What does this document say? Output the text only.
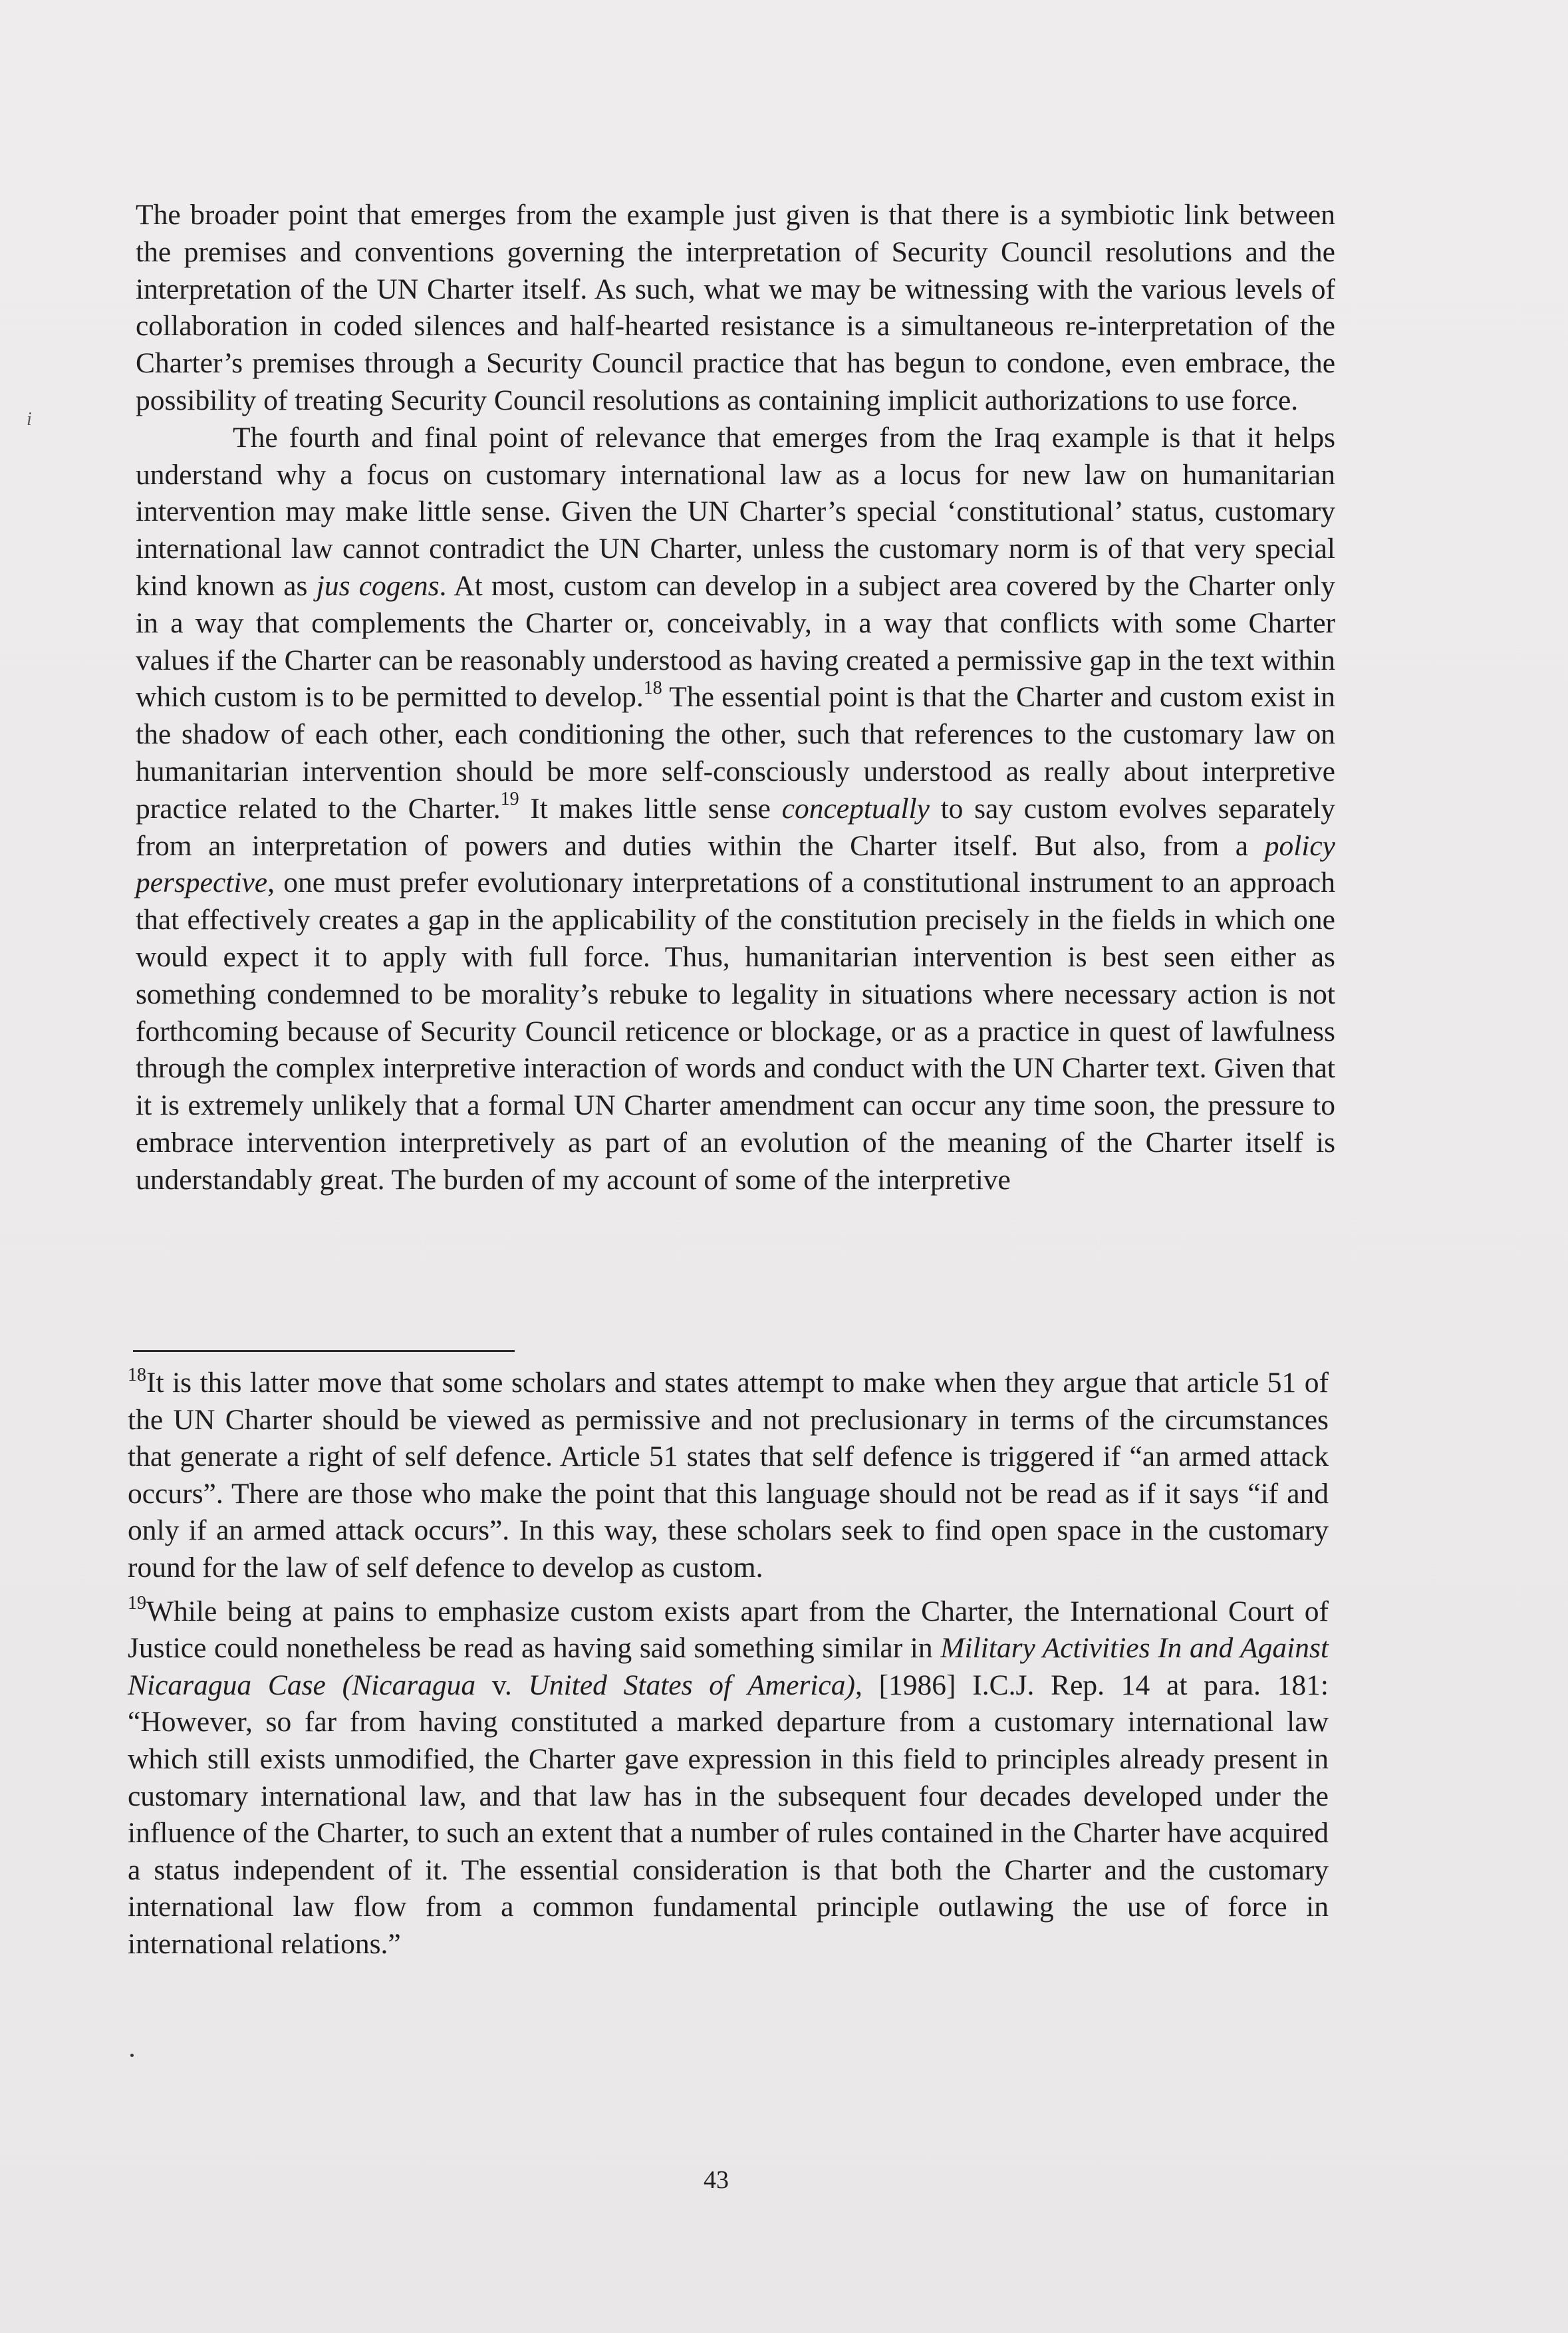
i

The broader point that emerges from the example just given is that there is a symbiotic link between the premises and conventions governing the interpretation of Security Council resolutions and the interpretation of the UN Charter itself. As such, what we may be witnessing with the various levels of collaboration in coded silences and half-hearted resistance is a simultaneous re-interpretation of the Charter’s premises through a Security Council practice that has begun to condone, even embrace, the possibility of treating Security Council resolutions as containing implicit authorizations to use force.

The fourth and final point of relevance that emerges from the Iraq example is that it helps understand why a focus on customary international law as a locus for new law on humanitarian intervention may make little sense. Given the UN Charter’s special ‘constitutional’ status, customary international law cannot contradict the UN Charter, unless the customary norm is of that very special kind known as jus cogens. At most, custom can develop in a subject area covered by the Charter only in a way that complements the Charter or, conceivably, in a way that conflicts with some Charter values if the Charter can be reasonably understood as having created a permissive gap in the text within which custom is to be permitted to develop.$^{18}$ The essential point is that the Charter and custom exist in the shadow of each other, each conditioning the other, such that references to the customary law on humanitarian intervention should be more self-consciously understood as really about interpretive practice related to the Charter.$^{19}$ It makes little sense conceptually to say custom evolves separately from an interpretation of powers and duties within the Charter itself. But also, from a policy perspective, one must prefer evolutionary interpretations of a constitutional instrument to an approach that effectively creates a gap in the applicability of the constitution precisely in the fields in which one would expect it to apply with full force. Thus, humanitarian intervention is best seen either as something condemned to be morality’s rebuke to legality in situations where necessary action is not forthcoming because of Security Council reticence or blockage, or as a practice in quest of lawfulness through the complex interpretive interaction of words and conduct with the UN Charter text. Given that it is extremely unlikely that a formal UN Charter amendment can occur any time soon, the pressure to embrace intervention interpretively as part of an evolution of the meaning of the Charter itself is understandably great. The burden of my account of some of the interpretive

$^{18}$It is this latter move that some scholars and states attempt to make when they argue that article 51 of the UN Charter should be viewed as permissive and not preclusionary in terms of the circumstances that generate a right of self defence. Article 51 states that self defence is triggered if “an armed attack occurs”. There are those who make the point that this language should not be read as if it says “if and only if an armed attack occurs”. In this way, these scholars seek to find open space in the customary round for the law of self defence to develop as custom.

$^{19}$While being at pains to emphasize custom exists apart from the Charter, the International Court of Justice could nonetheless be read as having said something similar in Military Activities In and Against Nicaragua Case (Nicaragua v. United States of America), [1986] I.C.J. Rep. 14 at para. 181: “However, so far from having constituted a marked departure from a customary international law which still exists unmodified, the Charter gave expression in this field to principles already present in customary international law, and that law has in the subsequent four decades developed under the influence of the Charter, to such an extent that a number of rules contained in the Charter have acquired a status independent of it. The essential consideration is that both the Charter and the customary international law flow from a common fundamental principle outlawing the use of force in international relations.”

43
